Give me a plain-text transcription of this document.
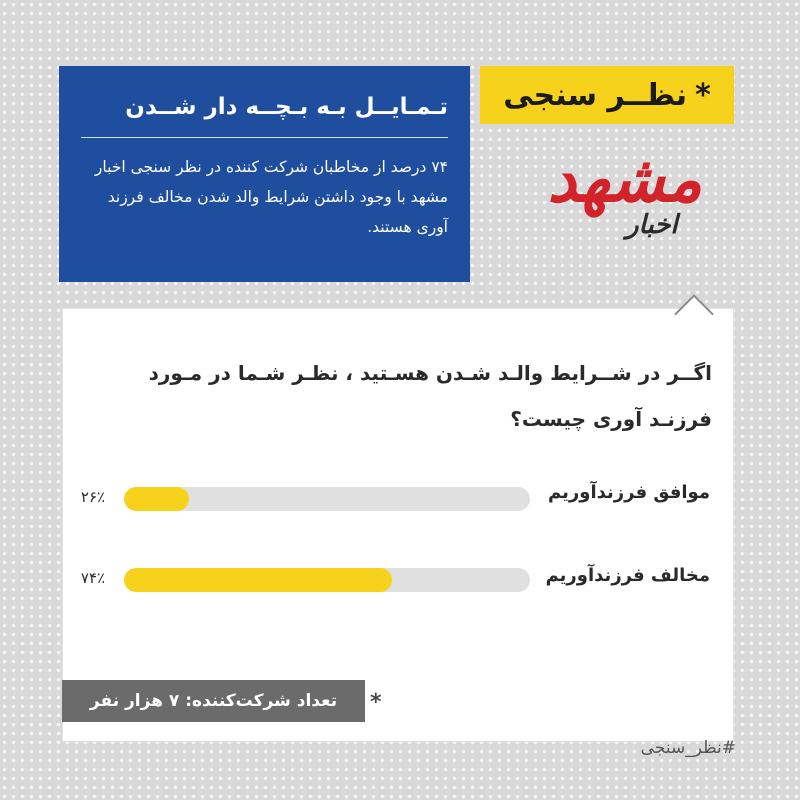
تـمـایــل بـه بـچــه دار شــدن
۷۴ درصد از مخاطبان شرکت کننده در نظر سنجی اخبار مشهد با وجود داشتن شرایط والد شدن مخالف فرزند آوری هستند.
*
نظــر سنجی
مشهد
اخبار
اگــر در شــرایط والـد شـدن هسـتید ، نظـر شـما در مـورد فرزنـد آوری چیست؟
موافق فرزندآوریم
۲۶٪
مخالف فرزندآوریم
۷۴٪
تعداد شرکت‌کننده: ۷ هزار نفر *
#نظر_سنجی
